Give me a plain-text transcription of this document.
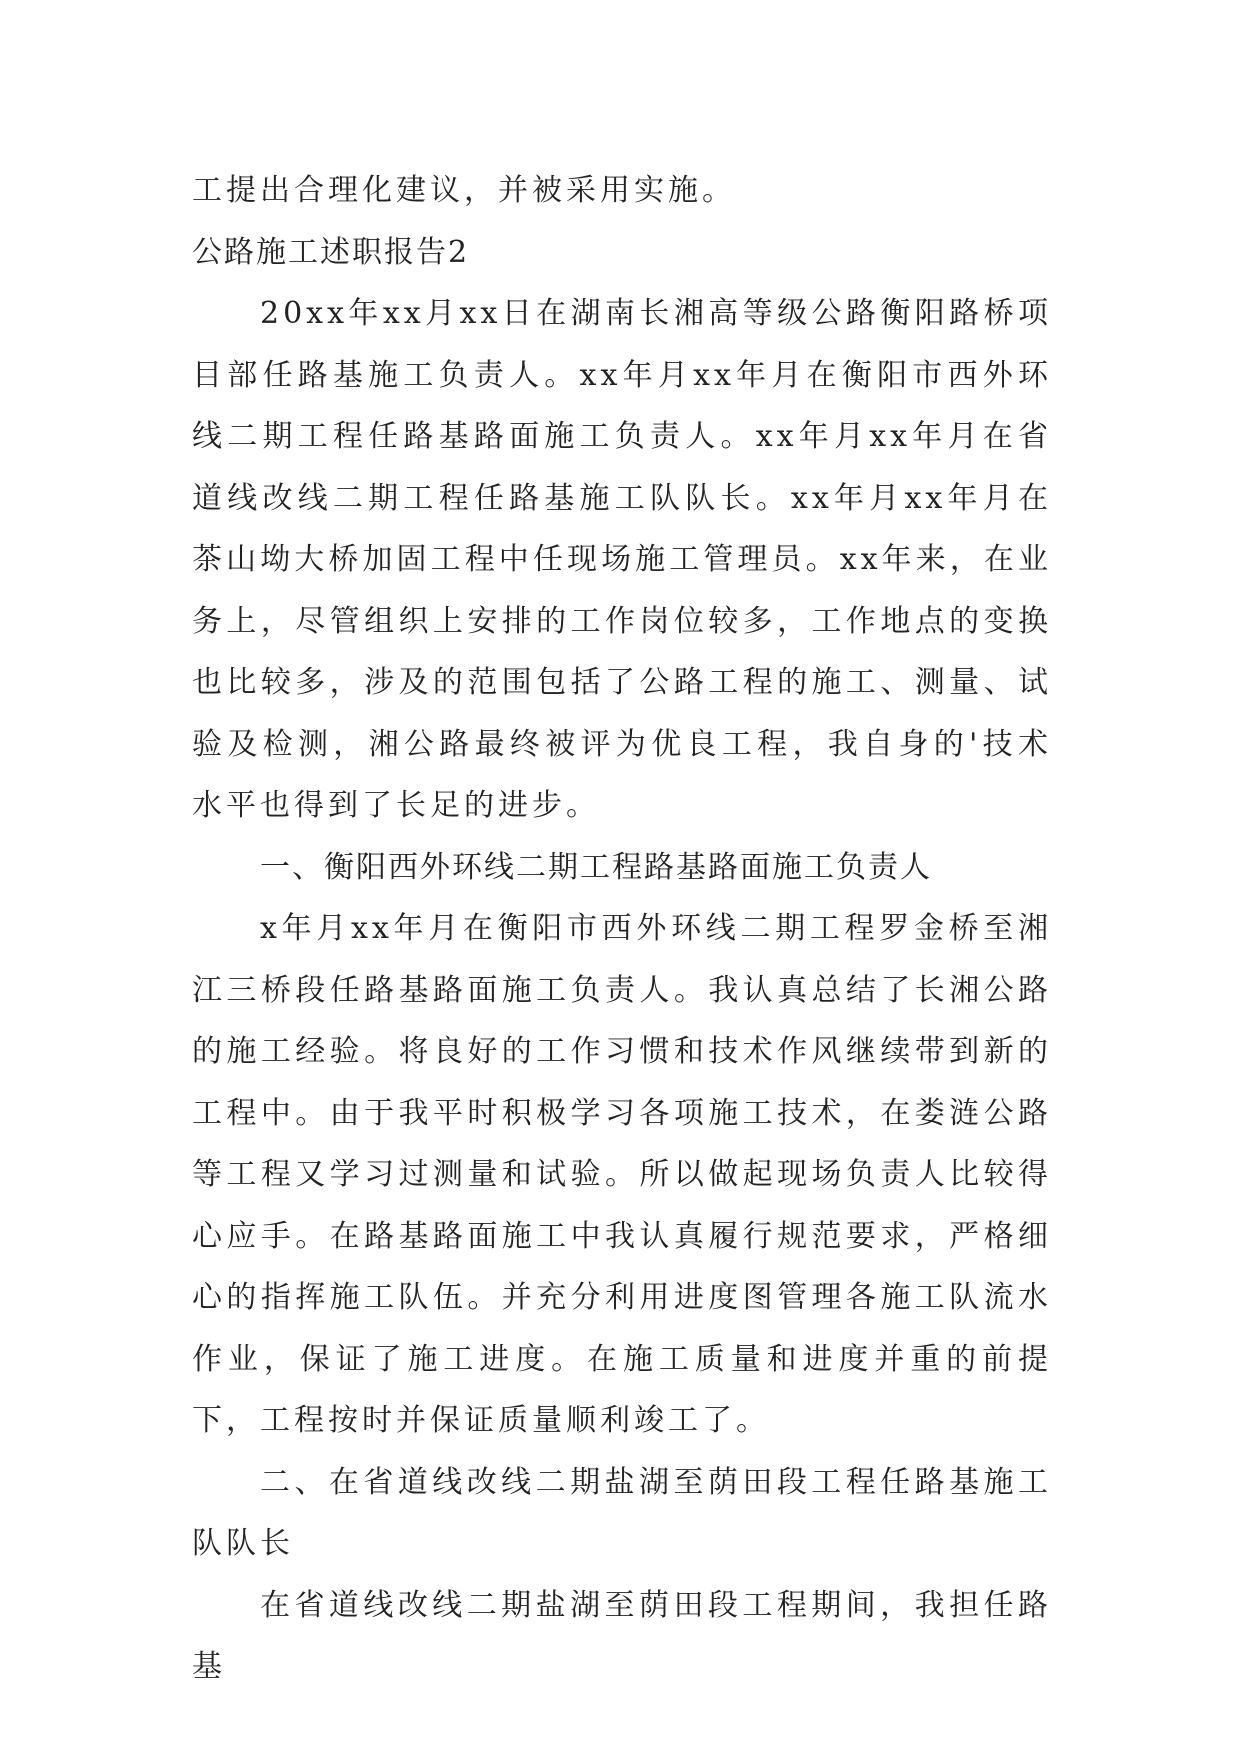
工提出合理化建议，并被采用实施。

公路施工述职报告2

20xx年xx月xx日在湖南长湘高等级公路衡阳路桥项目部任路基施工负责人。xx年月xx年月在衡阳市西外环线二期工程任路基路面施工负责人。xx年月xx年月在省道线改线二期工程任路基施工队队长。xx年月xx年月在茶山坳大桥加固工程中任现场施工管理员。xx年来，在业务上，尽管组织上安排的工作岗位较多，工作地点的变换也比较多，涉及的范围包括了公路工程的施工、测量、试验及检测，湘公路最终被评为优良工程，我自身的'技术水平也得到了长足的进步。

一、衡阳西外环线二期工程路基路面施工负责人

x年月xx年月在衡阳市西外环线二期工程罗金桥至湘江三桥段任路基路面施工负责人。我认真总结了长湘公路的施工经验。将良好的工作习惯和技术作风继续带到新的工程中。由于我平时积极学习各项施工技术，在娄涟公路等工程又学习过测量和试验。所以做起现场负责人比较得心应手。在路基路面施工中我认真履行规范要求，严格细心的指挥施工队伍。并充分利用进度图管理各施工队流水作业，保证了施工进度。在施工质量和进度并重的前提下，工程按时并保证质量顺利竣工了。

二、在省道线改线二期盐湖至荫田段工程任路基施工队队长

在省道线改线二期盐湖至荫田段工程期间，我担任路基
